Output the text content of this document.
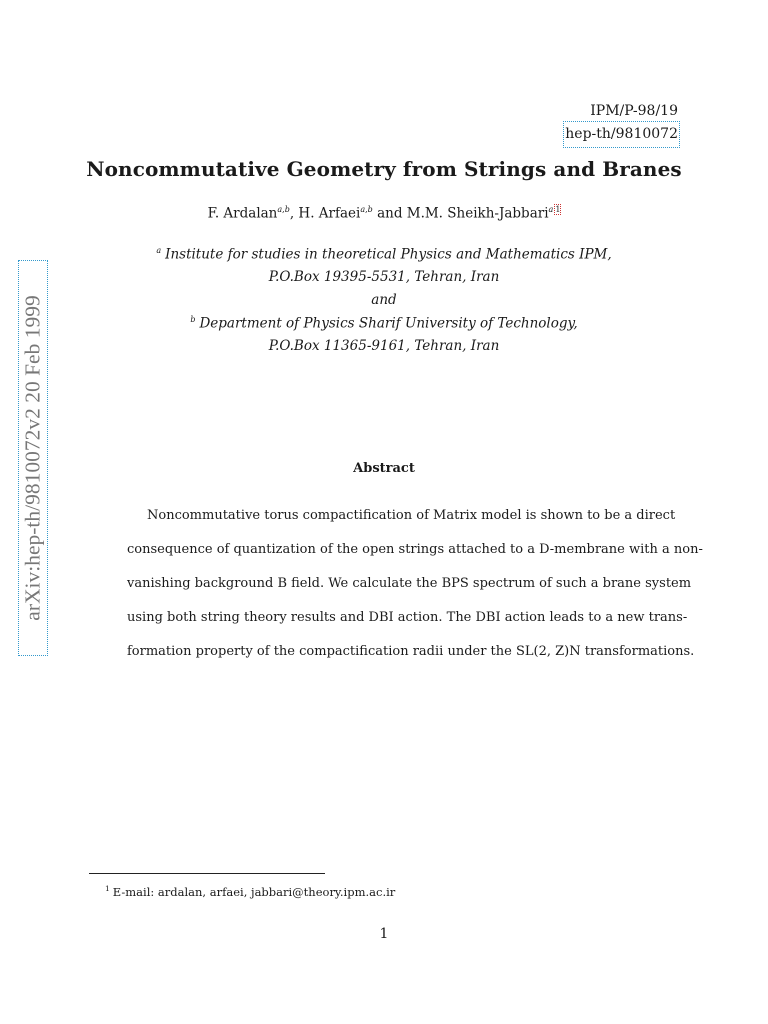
IPM/P-98/19
hep-th/9810072
Noncommutative Geometry from Strings and Branes
F. Ardalan$^{a,b}$, H. Arfaei$^{a,b}$ and M.M. Sheikh-Jabbari$^a$ 1
$^a$ Institute for studies in theoretical Physics and Mathematics IPM,
P.O.Box 19395-5531, Tehran, Iran
and
$^b$ Department of Physics Sharif University of Technology,
P.O.Box 11365-9161, Tehran, Iran
arXiv:hep-th/9810072v2 20 Feb 1999	Abstract
Noncommutative torus compactification of Matrix model is shown to be a direct
consequence of quantization of the open strings attached to a D-membrane with a non-
vanishing background B field. We calculate the BPS spectrum of such a brane system
using both string theory results and DBI action. The DBI action leads to a new trans-
formation property of the compactification radii under the SL(2, Z)N transformations.
$^1$ E-mail: ardalan, arfaei, jabbari@theory.ipm.ac.ir
1
